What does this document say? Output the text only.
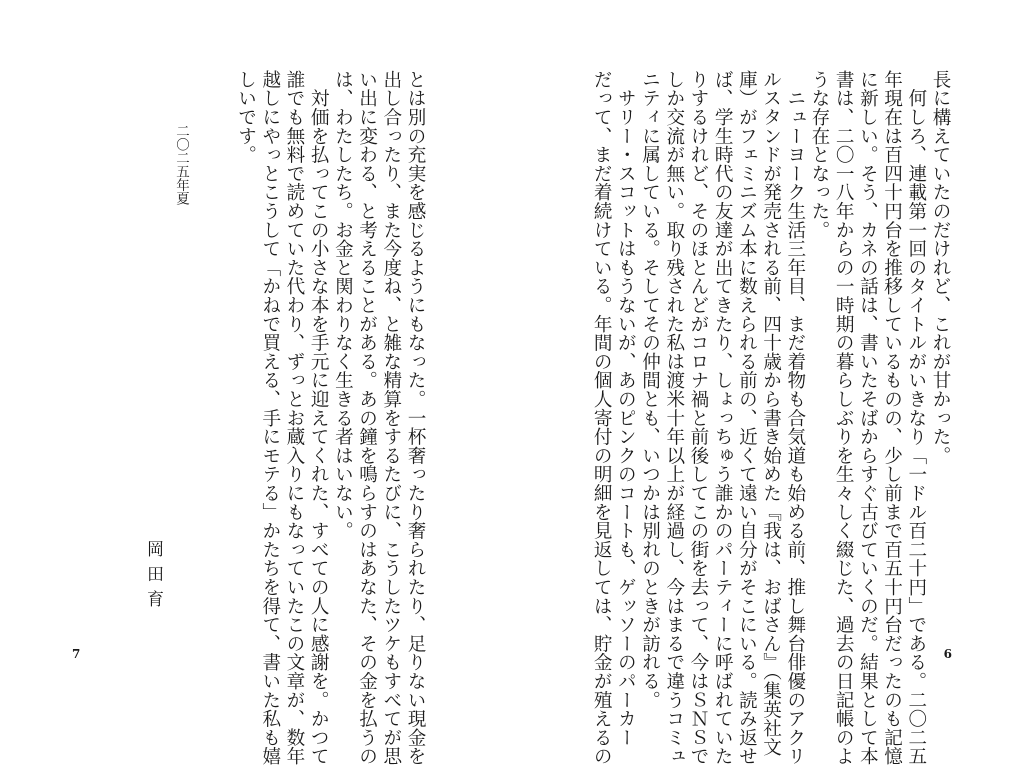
長に構えていたのだけれど、これが甘かった。
　何しろ、連載第一回のタイトルがいきなり「一ドル百二十円」である。二〇二五
年現在は百四十円台を推移しているものの、少し前まで百五十円台だったのも記憶
に新しい。そう、カネの話は、書いたそばからすぐ古びていくのだ。結果として本
書は、二〇一八年からの一時期の暮らしぶりを生々しく綴じた、過去の日記帳のよ
うな存在となった。
　ニューヨーク生活三年目、まだ着物も合気道も始める前、推し舞台俳優のアクリ
ルスタンドが発売される前、四十歳から書き始めた『我は、おばさん』（集英社文
庫）がフェミニズム本に数えられる前の、近くて遠い自分がそこにいる。読み返せ
ば、学生時代の友達が出てきたり、しょっちゅう誰かのパーティーに呼ばれていた
りするけれど、そのほとんどがコロナ禍と前後してこの街を去って、今はＳＮＳで
しか交流が無い。取り残された私は渡米十年以上が経過し、今はまるで違うコミュ
ニティに属している。そしてその仲間とも、いつかは別れのときが訪れる。
　サリー・スコットはもうないが、あのピンクのコートも、ゲッソーのパーカー
だって、まだ着続けている。年間の個人寄付の明細を見返しては、貯金が殖えるの	6
とは別の充実を感じるようにもなった。一杯奢ったり奢られたり、足りない現金を
出し合ったり、また今度ね、と雑な精算をするたびに、こうしたツケもすべてが思
い出に変わる、と考えることがある。あの鐘を鳴らすのはあなた、その金を払うの
は、わたしたち。お金と関わりなく生きる者はいない。
　対価を払ってこの小さな本を手元に迎えてくれた、すべての人に感謝を。かつて
誰でも無料で読めていた代わり、ずっとお蔵入りにもなっていたこの文章が、数年
越しにやっとこうして「かねで買える、手にモテる」かたちを得て、書いた私も嬉
しいです。
二〇二五年夏
岡田育
7
